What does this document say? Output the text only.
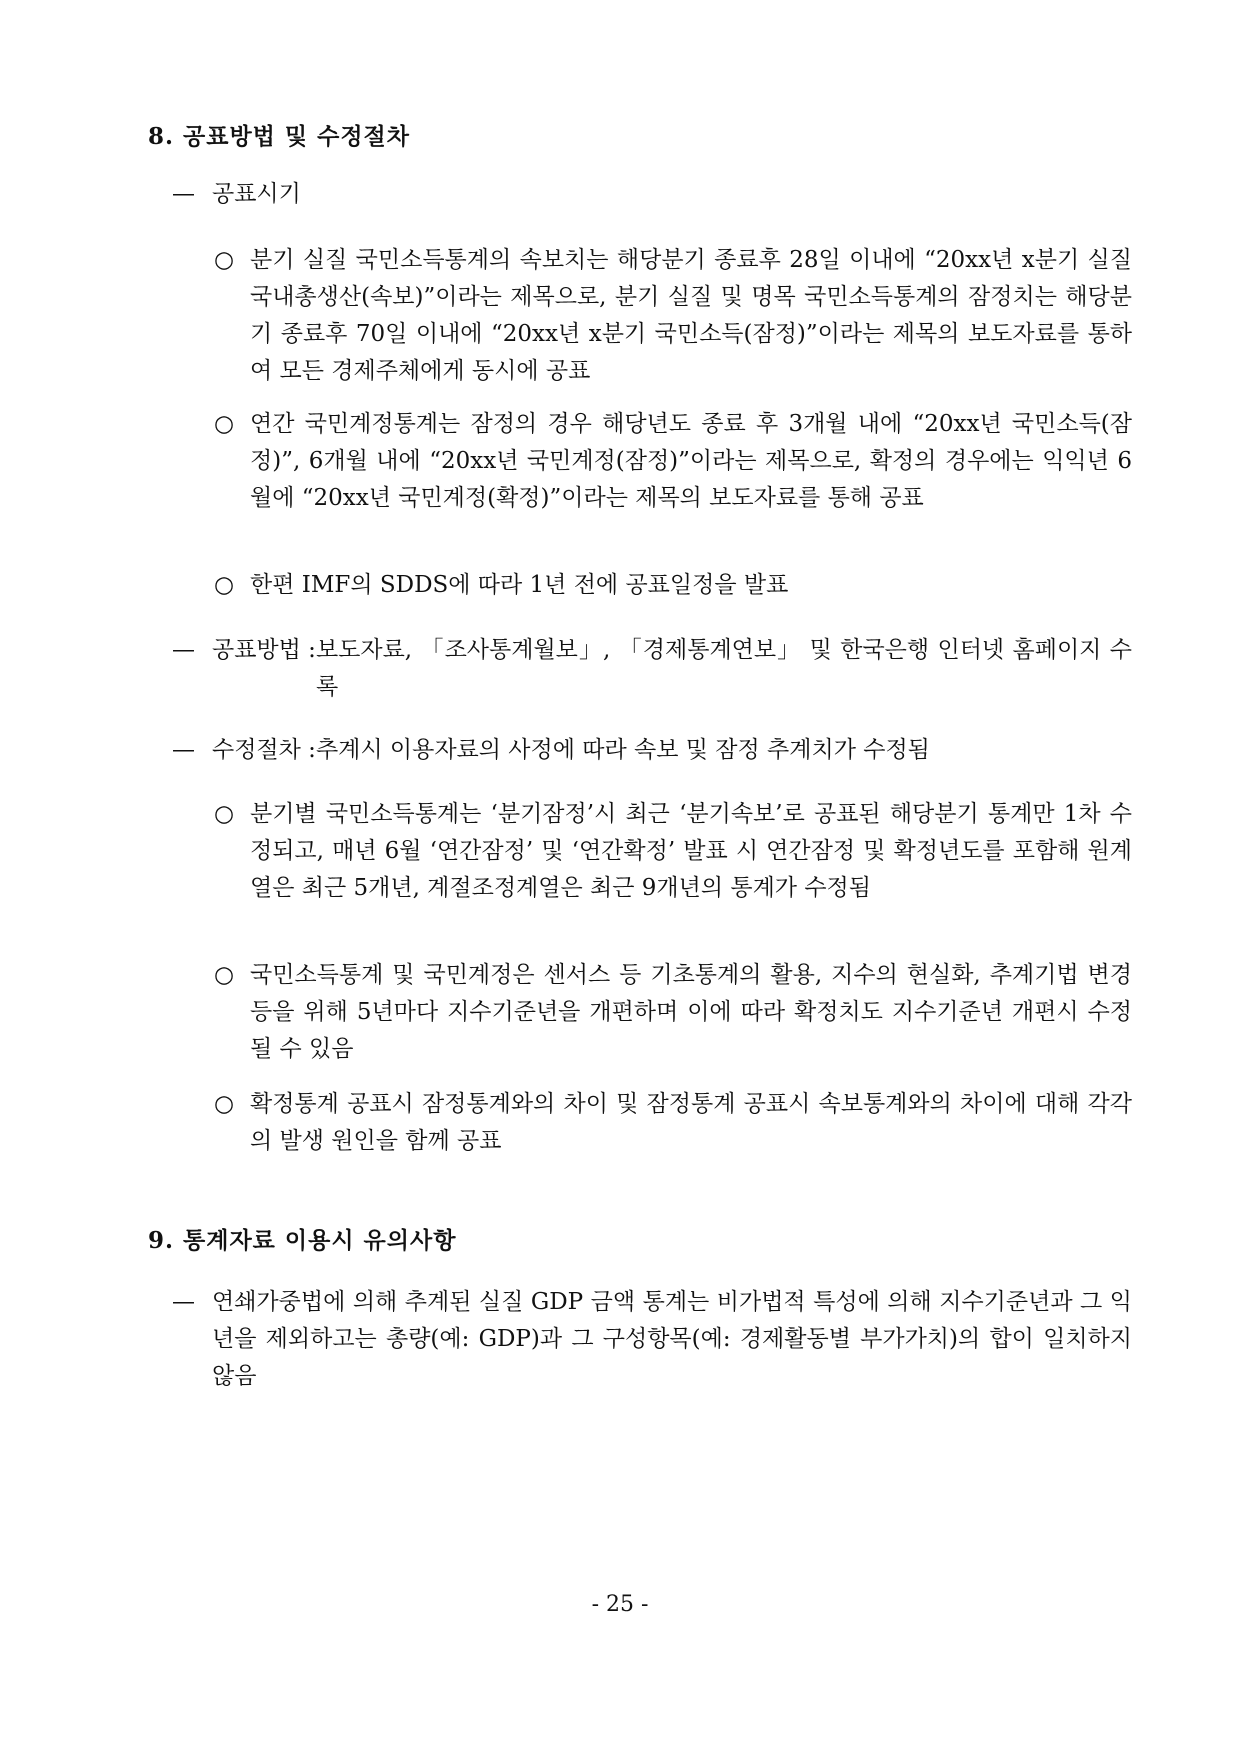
8. 공표방법 및 수정절차
— 공표시기
○ 분기 실질 국민소득통계의 속보치는 해당분기 종료후 28일 이내에 “20xx년 x분기 실질 국내총생산(속보)”이라는 제목으로, 분기 실질 및 명목 국민소득통계의 잠정치는 해당분기 종료후 70일 이내에 “20xx년 x분기 국민소득(잠정)”이라는 제목의 보도자료를 통하여 모든 경제주체에게 동시에 공표
○ 연간 국민계정통계는 잠정의 경우 해당년도 종료 후 3개월 내에 “20xx년 국민소득(잠정)”, 6개월 내에 “20xx년 국민계정(잠정)”이라는 제목으로, 확정의 경우에는 익익년 6월에 “20xx년 국민계정(확정)”이라는 제목의 보도자료를 통해 공표
○ 한편 IMF의 SDDS에 따라 1년 전에 공표일정을 발표
— 공표방법 : 보도자료, 「조사통계월보」, 「경제통계연보」 및 한국은행 인터넷 홈페이지 수록
— 수정절차 : 추계시 이용자료의 사정에 따라 속보 및 잠정 추계치가 수정됨
○ 분기별 국민소득통계는 ‘분기잠정’시 최근 ‘분기속보’로 공표된 해당분기 통계만 1차 수정되고, 매년 6월 ‘연간잠정’ 및 ‘연간확정’ 발표 시 연간잠정 및 확정년도를 포함해 원계열은 최근 5개년, 계절조정계열은 최근 9개년의 통계가 수정됨
○ 국민소득통계 및 국민계정은 센서스 등 기초통계의 활용, 지수의 현실화, 추계기법 변경 등을 위해 5년마다 지수기준년을 개편하며 이에 따라 확정치도 지수기준년 개편시 수정될 수 있음
○ 확정통계 공표시 잠정통계와의 차이 및 잠정통계 공표시 속보통계와의 차이에 대해 각각의 발생 원인을 함께 공표
9. 통계자료 이용시 유의사항
— 연쇄가중법에 의해 추계된 실질 GDP 금액 통계는 비가법적 특성에 의해 지수기준년과 그 익년을 제외하고는 총량(예: GDP)과 그 구성항목(예: 경제활동별 부가가치)의 합이 일치하지 않음
- 25 -
